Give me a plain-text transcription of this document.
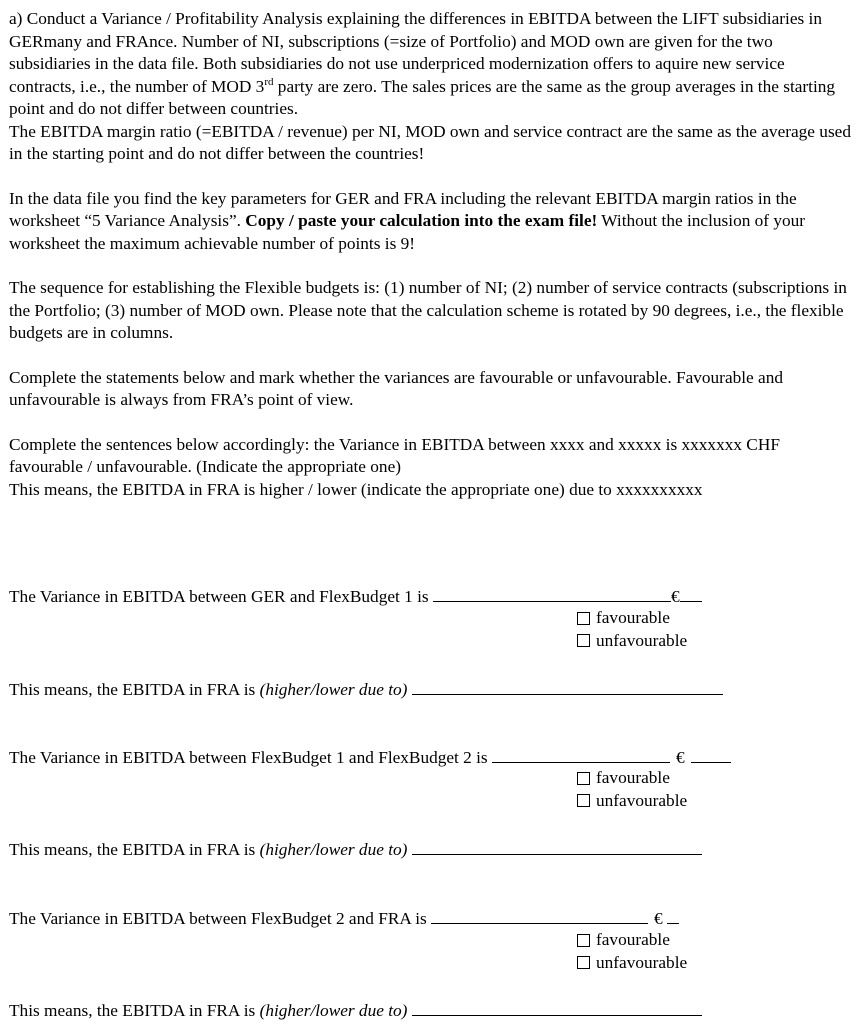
a) Conduct a Variance / Profitability Analysis explaining the differences in EBITDA between the LIFT subsidiaries in GERmany and FRAnce. Number of NI, subscriptions (=size of Portfolio) and MOD own are given for the two subsidiaries in the data file. Both subsidiaries do not use underpriced modernization offers to aquire new service contracts, i.e., the number of MOD 3rd party are zero. The sales prices are the same as the group averages in the starting point and do not differ between countries.

The EBITDA margin ratio (=EBITDA / revenue) per NI, MOD own and service contract are the same as the average used in the starting point and do not differ between the countries!

In the data file you find the key parameters for GER and FRA including the relevant EBITDA margin ratios in the worksheet “5 Variance Analysis”. Copy / paste your calculation into the exam file! Without the inclusion of your worksheet the maximum achievable number of points is 9!

The sequence for establishing the Flexible budgets is: (1) number of NI; (2) number of service contracts (subscriptions in the Portfolio; (3) number of MOD own. Please note that the calculation scheme is rotated by 90 degrees, i.e., the flexible budgets are in columns.

Complete the statements below and mark whether the variances are favourable or unfavourable. Favourable and unfavourable is always from FRA’s point of view.

Complete the sentences below accordingly: the Variance in EBITDA between xxxx and xxxxx is xxxxxxx CHF favourable / unfavourable. (Indicate the appropriate one)

This means, the EBITDA in FRA is higher / lower (indicate the appropriate one) due to xxxxxxxxxx

The Variance in EBITDA between GER and FlexBudget 1 is	€
favourable
unfavourable
This means, the EBITDA in FRA is (higher/lower due to)
The Variance in EBITDA between FlexBudget 1 and FlexBudget 2 is	€
favourable
unfavourable
This means, the EBITDA in FRA is (higher/lower due to)
The Variance in EBITDA between FlexBudget 2 and FRA is	€
favourable
unfavourable
This means, the EBITDA in FRA is (higher/lower due to)
